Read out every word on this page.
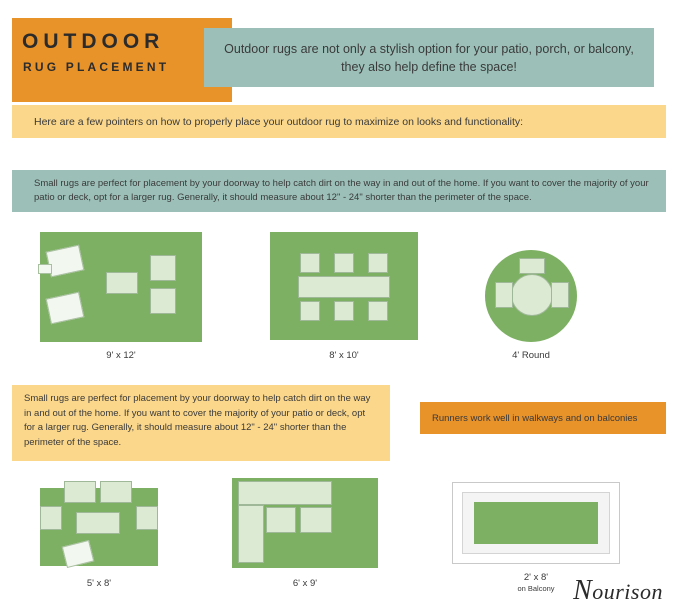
OUTDOOR
RUG PLACEMENT
Outdoor rugs are not only a stylish option for your patio, porch, or balcony, they also help define the space!
Here are a few pointers on how to properly place your outdoor rug to maximize on looks and functionality:
Small rugs are perfect for placement by your doorway to help catch dirt on the way in and out of the home. If you want to cover the majority of your patio or deck, opt for a larger rug. Generally, it should measure about 12" - 24" shorter than the perimeter of the space.
9' x 12'	8' x 10'	4' Round
Small rugs are perfect for placement by your doorway to help catch dirt on the way in and out of the home. If you want to cover the majority of your patio or deck, opt for a larger rug. Generally, it should measure about 12" - 24" shorter than the perimeter of the space.
Runners work well in walkways and on balconies
5' x 8'	6' x 9'
2' x 8'
on Balcony Nourison
